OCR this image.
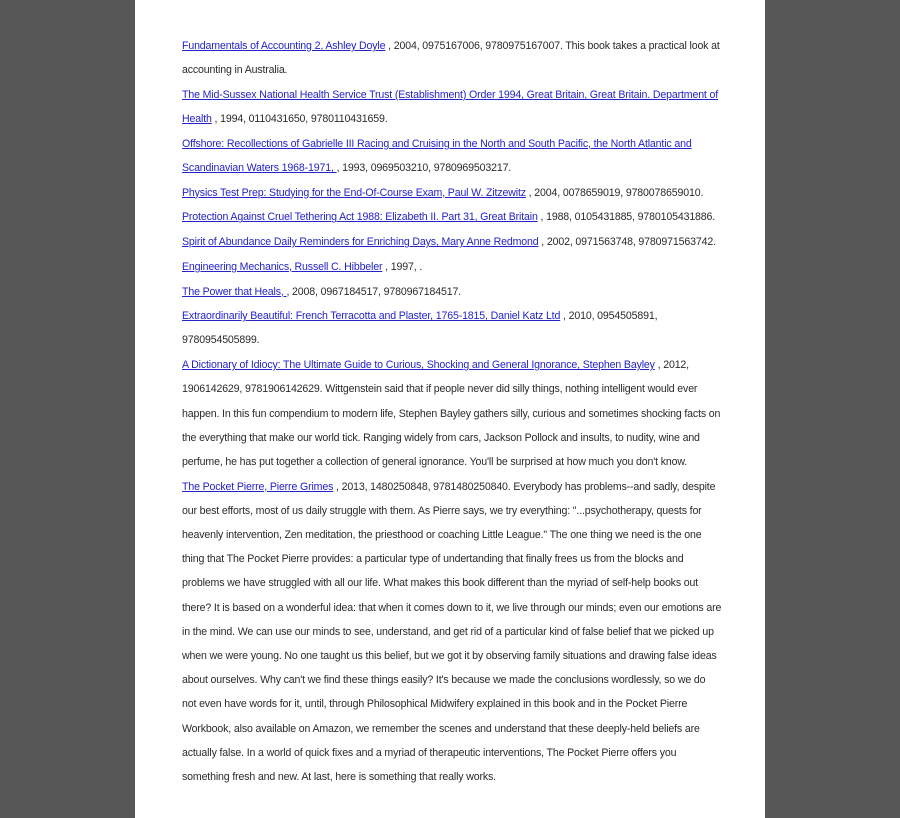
Fundamentals of Accounting 2, Ashley Doyle , 2004, 0975167006, 9780975167007. This book takes a practical look at accounting in Australia.

The Mid-Sussex National Health Service Trust (Establishment) Order 1994, Great Britain, Great Britain. Department of Health , 1994, 0110431650, 9780110431659.

Offshore: Recollections of Gabrielle III Racing and Cruising in the North and South Pacific, the North Atlantic and Scandinavian Waters 1968-1971, , 1993, 0969503210, 9780969503217.

Physics Test Prep: Studying for the End-Of-Course Exam, Paul W. Zitzewitz , 2004, 0078659019, 9780078659010.

Protection Against Cruel Tethering Act 1988: Elizabeth II. Part 31, Great Britain , 1988, 0105431885, 9780105431886.

Spirit of Abundance Daily Reminders for Enriching Days, Mary Anne Redmond , 2002, 0971563748, 9780971563742.

Engineering Mechanics, Russell C. Hibbeler , 1997, .

The Power that Heals, , 2008, 0967184517, 9780967184517.

Extraordinarily Beautiful: French Terracotta and Plaster, 1765-1815, Daniel Katz Ltd , 2010, 0954505891, 9780954505899.

A Dictionary of Idiocy: The Ultimate Guide to Curious, Shocking and General Ignorance, Stephen Bayley , 2012, 1906142629, 9781906142629. Wittgenstein said that if people never did silly things, nothing intelligent would ever happen. In this fun compendium to modern life, Stephen Bayley gathers silly, curious and sometimes shocking facts on the everything that make our world tick. Ranging widely from cars, Jackson Pollock and insults, to nudity, wine and perfume, he has put together a collection of general ignorance. You'll be surprised at how much you don't know.

The Pocket Pierre, Pierre Grimes , 2013, 1480250848, 9781480250840. Everybody has problems--and sadly, despite our best efforts, most of us daily struggle with them. As Pierre says, we try everything: "...psychotherapy, quests for heavenly intervention, Zen meditation, the priesthood or coaching Little League." The one thing we need is the one thing that The Pocket Pierre provides: a particular type of undertanding that finally frees us from the blocks and problems we have struggled with all our life. What makes this book different than the myriad of self-help books out there? It is based on a wonderful idea: that when it comes down to it, we live through our minds; even our emotions are in the mind. We can use our minds to see, understand, and get rid of a particular kind of false belief that we picked up when we were young. No one taught us this belief, but we got it by observing family situations and drawing false ideas about ourselves. Why can't we find these things easily? It's because we made the conclusions wordlessly, so we do not even have words for it, until, through Philosophical Midwifery explained in this book and in the Pocket Pierre Workbook, also available on Amazon, we remember the scenes and understand that these deeply-held beliefs are actually false. In a world of quick fixes and a myriad of therapeutic interventions, The Pocket Pierre offers you something fresh and new. At last, here is something that really works.
